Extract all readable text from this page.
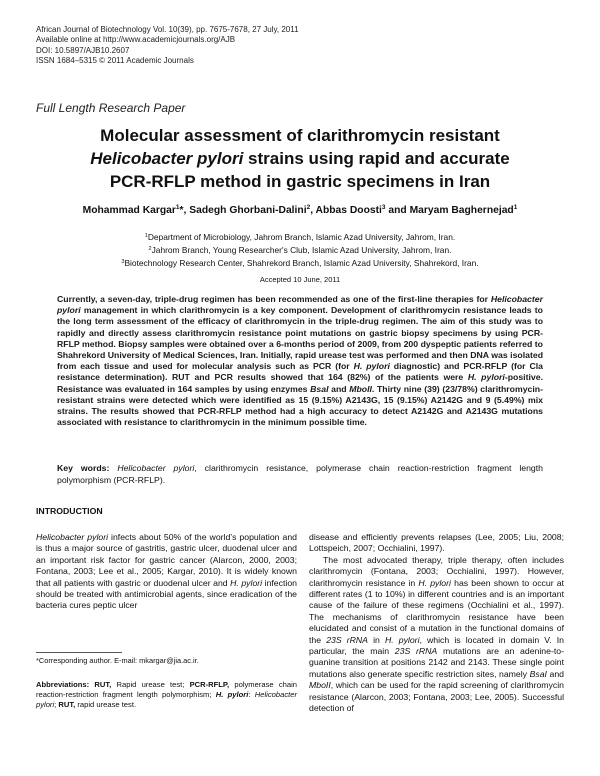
African Journal of Biotechnology Vol. 10(39), pp. 7675-7678, 27 July, 2011
Available online at http://www.academicjournals.org/AJB
DOI: 10.5897/AJB10.2607
ISSN 1684–5315 © 2011 Academic Journals
Full Length Research Paper
Molecular assessment of clarithromycin resistant
Helicobacter pylori strains using rapid and accurate
PCR-RFLP method in gastric specimens in Iran
Mohammad Kargar$^1$*, Sadegh Ghorbani-Dalini$^2$, Abbas Doosti$^3$ and Maryam Baghernejad$^1$
$^1$Department of Microbiology, Jahrom Branch, Islamic Azad University, Jahrom, Iran.
$^2$Jahrom Branch, Young Researcher's Club, Islamic Azad University, Jahrom, Iran.
$^3$Biotechnology Research Center, Shahrekord Branch, Islamic Azad University, Shahrekord, Iran.
Accepted 10 June, 2011
Currently, a seven-day, triple-drug regimen has been recommended as one of the first-line therapies for Helicobacter pylori management in which clarithromycin is a key component. Development of clarithromycin resistance leads to the long term assessment of the efficacy of clarithromycin in the triple-drug regimen. The aim of this study was to rapidly and directly assess clarithromycin resistance point mutations on gastric biopsy specimens by using PCR-RFLP method. Biopsy samples were obtained over a 6-months period of 2009, from 200 dyspeptic patients referred to Shahrekord University of Medical Sciences, Iran. Initially, rapid urease test was performed and then DNA was isolated from each tissue and used for molecular analysis such as PCR (for H. pylori diagnostic) and PCR-RFLP (for Cla resistance determination). RUT and PCR results showed that 164 (82%) of the patients were H. pylori-positive. Resistance was evaluated in 164 samples by using enzymes BsaI and MboII. Thirty nine (39) (23/78%) clarithromycin-resistant strains were detected which were identified as 15 (9.15%) A2143G, 15 (9.15%) A2142G and 9 (5.49%) mix strains. The results showed that PCR-RFLP method had a high accuracy to detect A2142G and A2143G mutations associated with resistance to clarithromycin in the minimum possible time.
Key words: Helicobacter pylori, clarithromycin resistance, polymerase chain reaction-restriction fragment length polymorphism (PCR-RFLP).
INTRODUCTION
Helicobacter pylori infects about 50% of the world’s population and is thus a major source of gastritis, gastric ulcer, duodenal ulcer and an important risk factor for gastric cancer (Alarcon, 2000, 2003; Fontana, 2003; Lee et al., 2005; Kargar, 2010). It is widely known that all patients with gastric or duodenal ulcer and H. pylori infection should be treated with antimicrobial agents, since eradication of the bacteria cures peptic ulcer

disease and efficiently prevents relapses (Lee, 2005; Liu, 2008; Lottspeich, 2007; Occhialini, 1997).

The most advocated therapy, triple therapy, often includes clarithromycin (Fontana, 2003; Occhialini, 1997). However, clarithromycin resistance in H. pylori has been shown to occur at different rates (1 to 10%) in different countries and is an important cause of the failure of these regimens (Occhialini et al., 1997). The mechanisms of clarithromycin resistance have been elucidated and consist of a mutation in the functional domains of the 23S rRNA in H. pylori, which is located in domain V. In particular, the main 23S rRNA mutations are an adenine-to-guanine transition at positions 2142 and 2143. These single point mutations also generate specific restriction sites, namely BsaI and MboII, which can be used for the rapid screening of clarithromycin resistance (Alarcon, 2003; Fontana, 2003; Lee, 2005). Successful detection of

*Corresponding author. E-mail: mkargar@jia.ac.ir.
Abbreviations: RUT, Rapid urease test; PCR-RFLP, polymerase chain reaction-restriction fragment length polymorphism; H. pylori: Helicobacter pylori; RUT, rapid urease test.
